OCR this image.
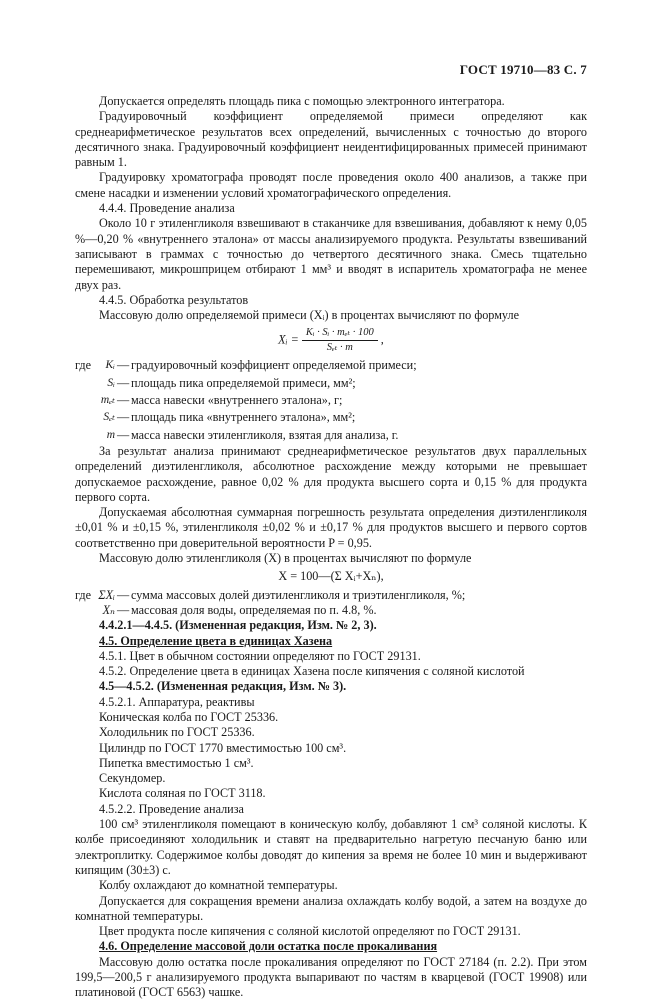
ГОСТ 19710—83 С. 7

Допускается определять площадь пика с помощью электронного интегратора.

Градуировочный коэффициент определяемой примеси определяют как среднеарифметическое результатов всех определений, вычисленных с точностью до второго десятичного знака. Градуировочный коэффициент неидентифицированных примесей принимают равным 1.

Градуировку хроматографа проводят после проведения около 400 анализов, а также при смене насадки и изменении условий хроматографического определения.

4.4.4. Проведение анализа

Около 10 г этиленгликоля взвешивают в стаканчике для взвешивания, добавляют к нему 0,05 %—0,20 % «внутреннего эталона» от массы анализируемого продукта. Результаты взвешиваний записывают в граммах с точностью до четвертого десятичного знака. Смесь тщательно перемешивают, микрошприцем отбирают 1 мм³ и вводят в испаритель хроматографа не менее двух раз.

4.4.5. Обработка результатов

Массовую долю определяемой примеси (Xᵢ) в процентах вычисляют по формуле

Xᵢ = $\frac{\text{Kᵢ · Sᵢ · mₑₜ · 100}}{\text{Sₑₜ · m}}$ ,
где Kᵢ — градуировочный коэффициент определяемой примеси;
Sᵢ — площадь пика определяемой примеси, мм²;
mₑₜ — масса навески «внутреннего эталона», г;
Sₑₜ — площадь пика «внутреннего эталона», мм²;
m — масса навески этиленгликоля, взятая для анализа, г.

За результат анализа принимают среднеарифметическое результатов двух параллельных определений диэтиленгликоля, абсолютное расхождение между которыми не превышает допускаемое расхождение, равное 0,02 % для продукта высшего сорта и 0,15 % для продукта первого сорта.

Допускаемая абсолютная суммарная погрешность результата определения диэтиленгликоля ±0,01 % и ±0,15 %, этиленгликоля ±0,02 % и ±0,17 % для продуктов высшего и первого сортов соответственно при доверительной вероятности P = 0,95.

Массовую долю этиленгликоля (X) в процентах вычисляют по формуле

X = 100—(Σ Xᵢ+Xₙ),
где ΣXᵢ — сумма массовых долей диэтиленгликоля и триэтиленгликоля, %;
Xₙ — массовая доля воды, определяемая по п. 4.8, %.

4.4.2.1—4.4.5. (Измененная редакция, Изм. № 2, 3).

4.5. Определение цвета в единицах Хазена

4.5.1. Цвет в обычном состоянии определяют по ГОСТ 29131.

4.5.2. Определение цвета в единицах Хазена после кипячения с соляной кислотой

4.5—4.5.2. (Измененная редакция, Изм. № 3).

4.5.2.1. Аппаратура, реактивы

Коническая колба по ГОСТ 25336.

Холодильник по ГОСТ 25336.

Цилиндр по ГОСТ 1770 вместимостью 100 см³.

Пипетка вместимостью 1 см³.

Секундомер.

Кислота соляная по ГОСТ 3118.

4.5.2.2. Проведение анализа

100 см³ этиленгликоля помещают в коническую колбу, добавляют 1 см³ соляной кислоты. К колбе присоединяют холодильник и ставят на предварительно нагретую песчаную баню или электроплитку. Содержимое колбы доводят до кипения за время не более 10 мин и выдерживают кипящим (30±3) с.

Колбу охлаждают до комнатной температуры.

Допускается для сокращения времени анализа охлаждать колбу водой, а затем на воздухе до комнатной температуры.

Цвет продукта после кипячения с соляной кислотой определяют по ГОСТ 29131.

4.6. Определение массовой доли остатка после прокаливания

Массовую долю остатка после прокаливания определяют по ГОСТ 27184 (п. 2.2). При этом 199,5—200,5 г анализируемого продукта выпаривают по частям в кварцевой (ГОСТ 19908) или платиновой (ГОСТ 6563) чашке.
